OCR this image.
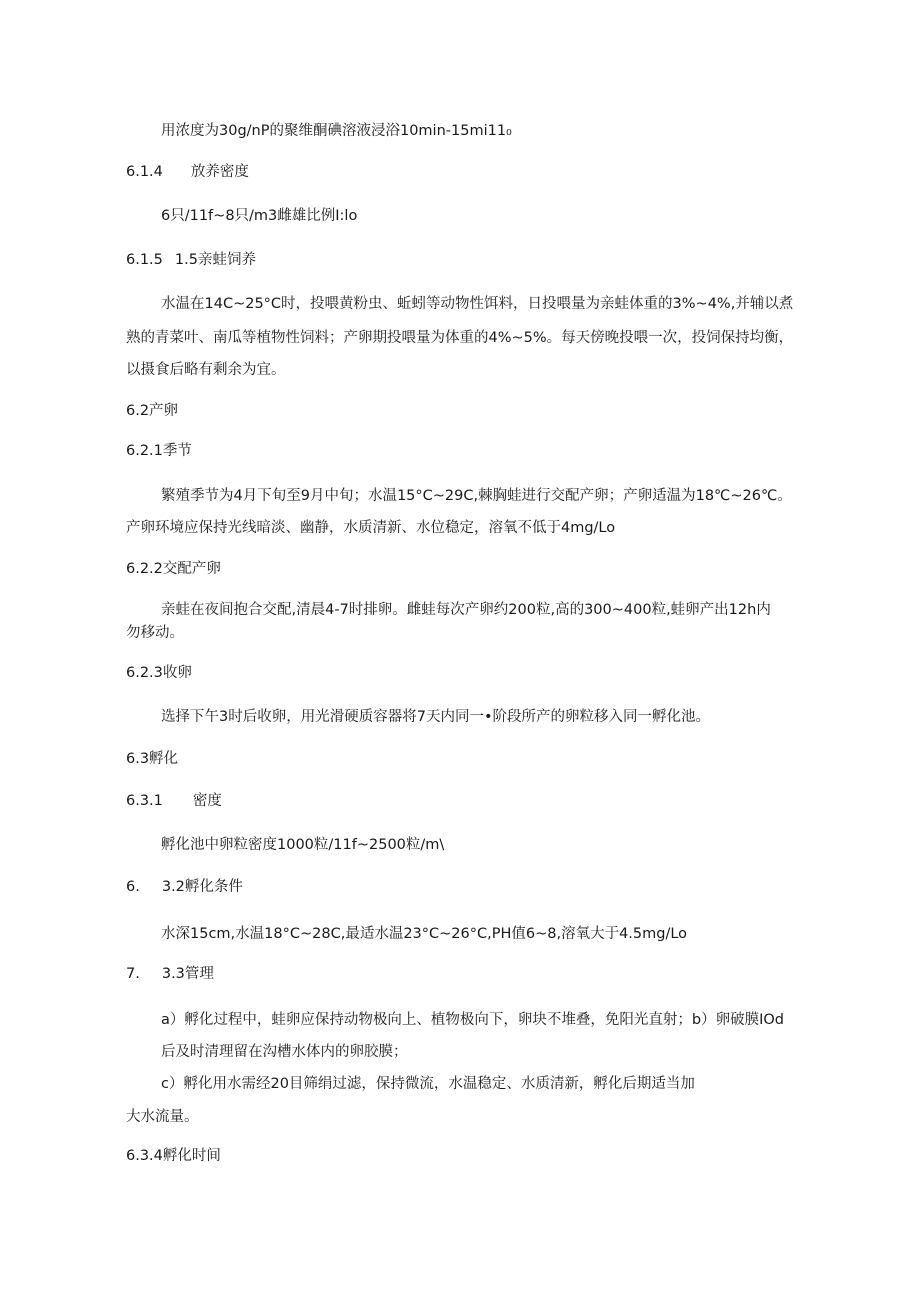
用浓度为30g/nP的聚维酮碘溶液浸浴10min-15mi11₀
6.1.4 放养密度
6只/11f~8只/m3雌雄比例I:lo
6.1.5 1.5亲蛙饲养
水温在14C~25°C时，投喂黄粉虫、蚯蚓等动物性饵料，日投喂量为亲蛙体重的3%~4%,并辅以煮
熟的青菜叶、南瓜等植物性饲料；产卵期投喂量为体重的4%~5%。每天傍晚投喂一次，投饲保持均衡，
以摄食后略有剩余为宜。
6.2产卵
6.2.1季节
繁殖季节为4月下旬至9月中旬；水温15°C~29C,棘胸蛙进行交配产卵；产卵适温为18℃~26℃。
产卵环境应保持光线暗淡、幽静，水质清新、水位稳定，溶氧不低于4mg/Lo
6.2.2交配产卵
亲蛙在夜间抱合交配,清晨4-7时排卵。雌蛙每次产卵约200粒,高的300~400粒,蛙卵产出12h内
勿移动。
6.2.3收卵
选择下午3时后收卵，用光滑硬质容器将7天内同一•阶段所产的卵粒移入同一孵化池。
6.3孵化
6.3.1 密度
孵化池中卵粒密度1000粒/11f~2500粒/m\
6. 3.2孵化条件
水深15cm,水温18°C~28C,最适水温23°C~26°C,PH值6~8,溶氧大于4.5mg/Lo
7. 3.3管理
a）孵化过程中，蛙卵应保持动物极向上、植物极向下，卵块不堆叠，免阳光直射；b）卵破膜IOd
后及时清理留在沟槽水体内的卵胶膜；
c）孵化用水需经20目筛绢过滤，保持微流，水温稳定、水质清新，孵化后期适当加
大水流量。
6.3.4孵化时间
